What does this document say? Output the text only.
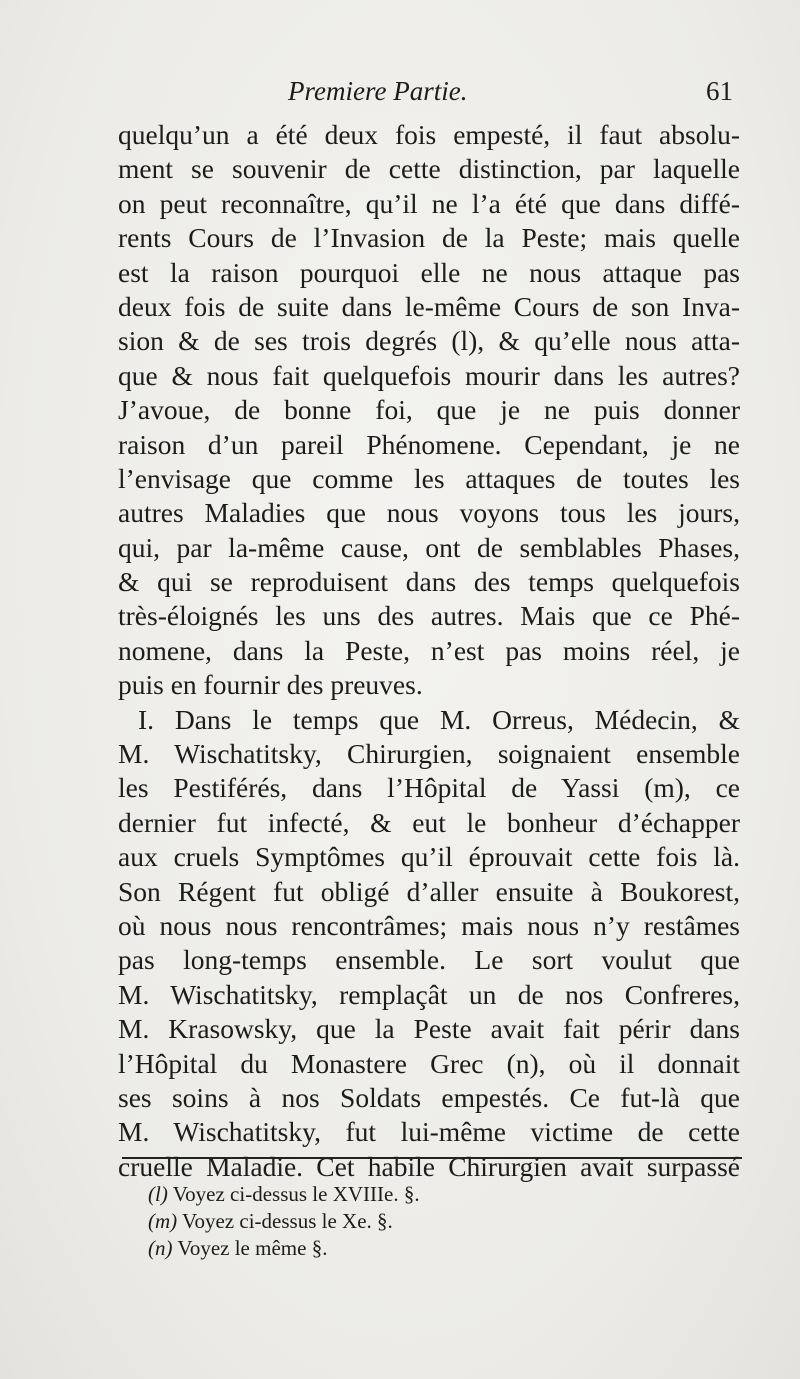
Premiere Partie.	61
quelqu’un a été deux fois empesté, il faut absolu-
ment se souvenir de cette distinction, par laquelle
on peut reconnaître, qu’il ne l’a été que dans diffé-
rents Cours de l’Invasion de la Peste; mais quelle
est la raison pourquoi elle ne nous attaque pas
deux fois de suite dans le-même Cours de son Inva-
sion & de ses trois degrés (l), & qu’elle nous atta-
que & nous fait quelquefois mourir dans les autres?
J’avoue, de bonne foi, que je ne puis donner
raison d’un pareil Phénomene. Cependant, je ne
l’envisage que comme les attaques de toutes les
autres Maladies que nous voyons tous les jours,
qui, par la-même cause, ont de semblables Phases,
& qui se reproduisent dans des temps quelquefois
très-éloignés les uns des autres. Mais que ce Phé-
nomene, dans la Peste, n’est pas moins réel, je
puis en fournir des preuves.
I. Dans le temps que M. Orreus, Médecin, &
M. Wischatitsky, Chirurgien, soignaient ensemble
les Pestiférés, dans l’Hôpital de Yassi (m), ce
dernier fut infecté, & eut le bonheur d’échapper
aux cruels Symptômes qu’il éprouvait cette fois là.
Son Régent fut obligé d’aller ensuite à Boukorest,
où nous nous rencontrâmes; mais nous n’y restâmes
pas long-temps ensemble. Le sort voulut que
M. Wischatitsky, remplaçât un de nos Confreres,
M. Krasowsky, que la Peste avait fait périr dans
l’Hôpital du Monastere Grec (n), où il donnait
ses soins à nos Soldats empestés. Ce fut-là que
M. Wischatitsky, fut lui-même victime de cette
cruelle Maladie. Cet habile Chirurgien avait surpassé
(l) Voyez ci-dessus le XVIIIe. §.
(m) Voyez ci-dessus le Xe. §.
(n) Voyez le même §.
